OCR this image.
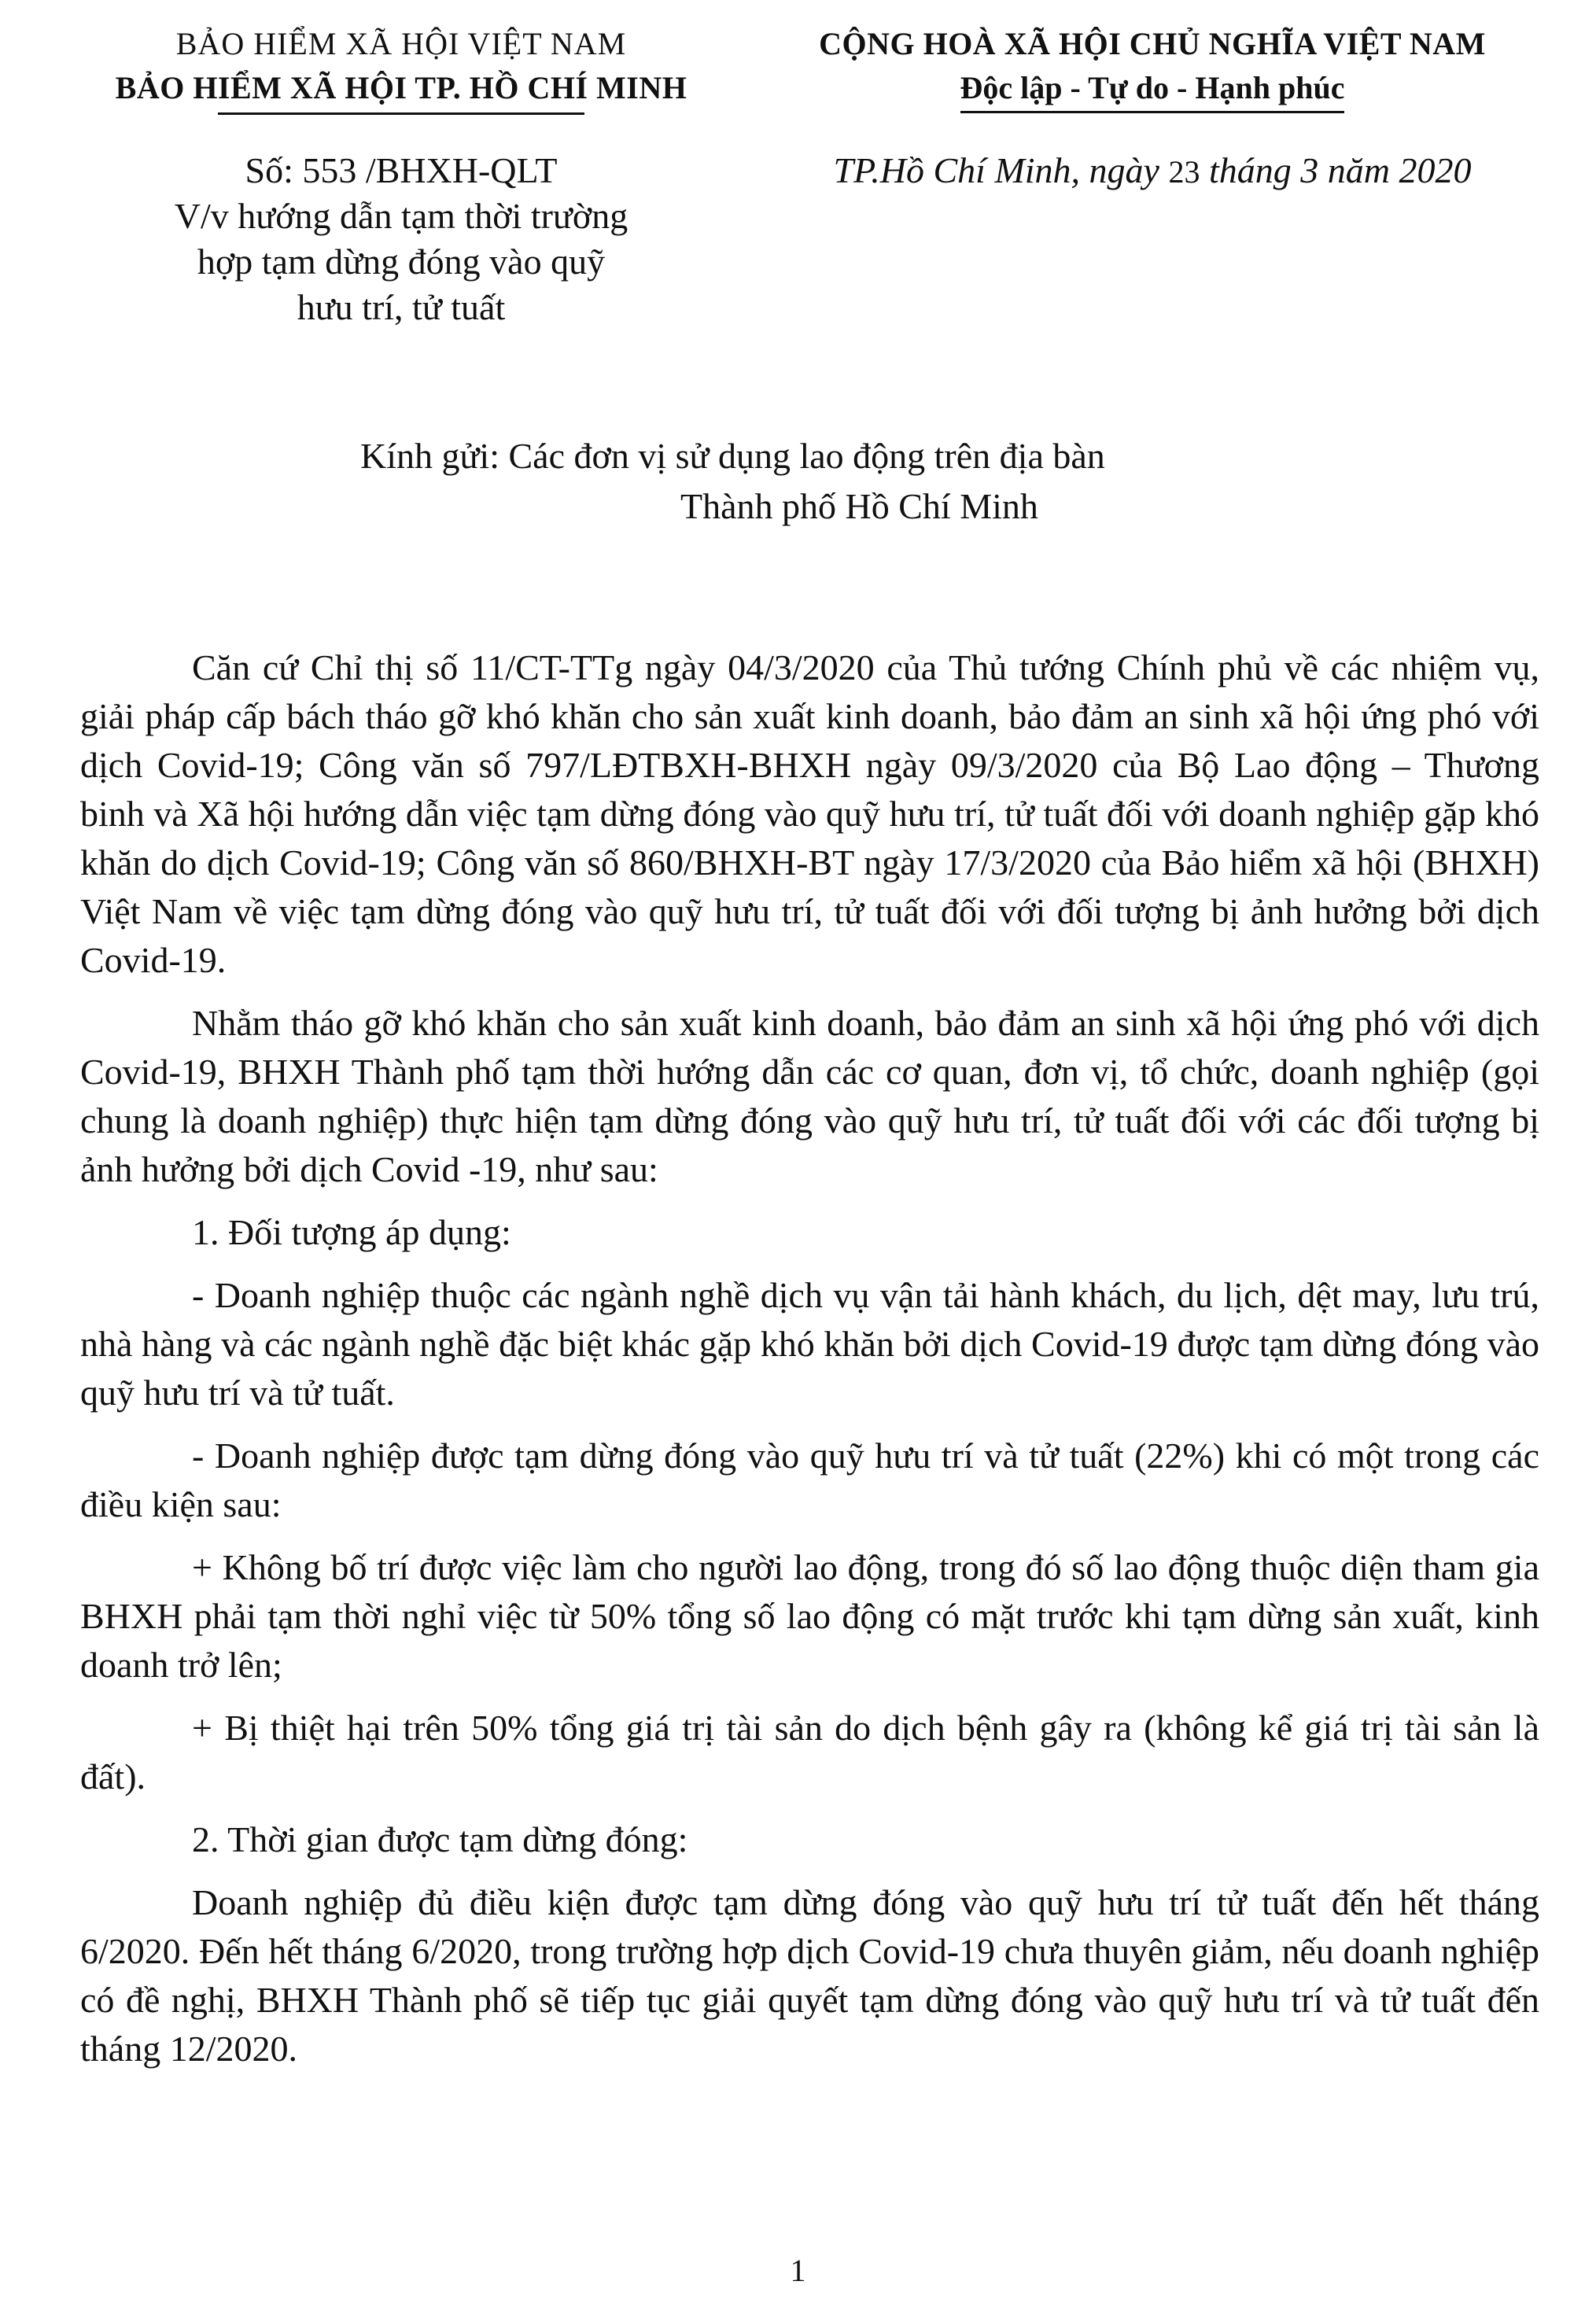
BẢO HIỂM XÃ HỘI VIỆT NAM
BẢO HIỂM XÃ HỘI TP. HỒ CHÍ MINH
CỘNG HOÀ XÃ HỘI CHỦ NGHĨA VIỆT NAM
Độc lập - Tự do - Hạnh phúc
Số: 553 /BHXH-QLT
V/v hướng dẫn tạm thời trường
hợp tạm dừng đóng vào quỹ
hưu trí, tử tuất
TP.Hồ Chí Minh, ngày 23 tháng 3 năm 2020
Kính gửi: Các đơn vị sử dụng lao động trên địa bàn
Thành phố Hồ Chí Minh

Căn cứ Chỉ thị số 11/CT-TTg ngày 04/3/2020 của Thủ tướng Chính phủ về các nhiệm vụ, giải pháp cấp bách tháo gỡ khó khăn cho sản xuất kinh doanh, bảo đảm an sinh xã hội ứng phó với dịch Covid-19; Công văn số 797/LĐTBXH-BHXH ngày 09/3/2020 của Bộ Lao động – Thương binh và Xã hội hướng dẫn việc tạm dừng đóng vào quỹ hưu trí, tử tuất đối với doanh nghiệp gặp khó khăn do dịch Covid-19; Công văn số 860/BHXH-BT ngày 17/3/2020 của Bảo hiểm xã hội (BHXH) Việt Nam về việc tạm dừng đóng vào quỹ hưu trí, tử tuất đối với đối tượng bị ảnh hưởng bởi dịch Covid-19.

Nhằm tháo gỡ khó khăn cho sản xuất kinh doanh, bảo đảm an sinh xã hội ứng phó với dịch Covid-19, BHXH Thành phố tạm thời hướng dẫn các cơ quan, đơn vị, tổ chức, doanh nghiệp (gọi chung là doanh nghiệp) thực hiện tạm dừng đóng vào quỹ hưu trí, tử tuất đối với các đối tượng bị ảnh hưởng bởi dịch Covid -19, như sau:

1. Đối tượng áp dụng:

- Doanh nghiệp thuộc các ngành nghề dịch vụ vận tải hành khách, du lịch, dệt may, lưu trú, nhà hàng và các ngành nghề đặc biệt khác gặp khó khăn bởi dịch Covid-19 được tạm dừng đóng vào quỹ hưu trí và tử tuất.

- Doanh nghiệp được tạm dừng đóng vào quỹ hưu trí và tử tuất (22%) khi có một trong các điều kiện sau:

+ Không bố trí được việc làm cho người lao động, trong đó số lao động thuộc diện tham gia BHXH phải tạm thời nghỉ việc từ 50% tổng số lao động có mặt trước khi tạm dừng sản xuất, kinh doanh trở lên;

+ Bị thiệt hại trên 50% tổng giá trị tài sản do dịch bệnh gây ra (không kể giá trị tài sản là đất).

2. Thời gian được tạm dừng đóng:

Doanh nghiệp đủ điều kiện được tạm dừng đóng vào quỹ hưu trí tử tuất đến hết tháng 6/2020. Đến hết tháng 6/2020, trong trường hợp dịch Covid-19 chưa thuyên giảm, nếu doanh nghiệp có đề nghị, BHXH Thành phố sẽ tiếp tục giải quyết tạm dừng đóng vào quỹ hưu trí và tử tuất đến tháng 12/2020.

1
